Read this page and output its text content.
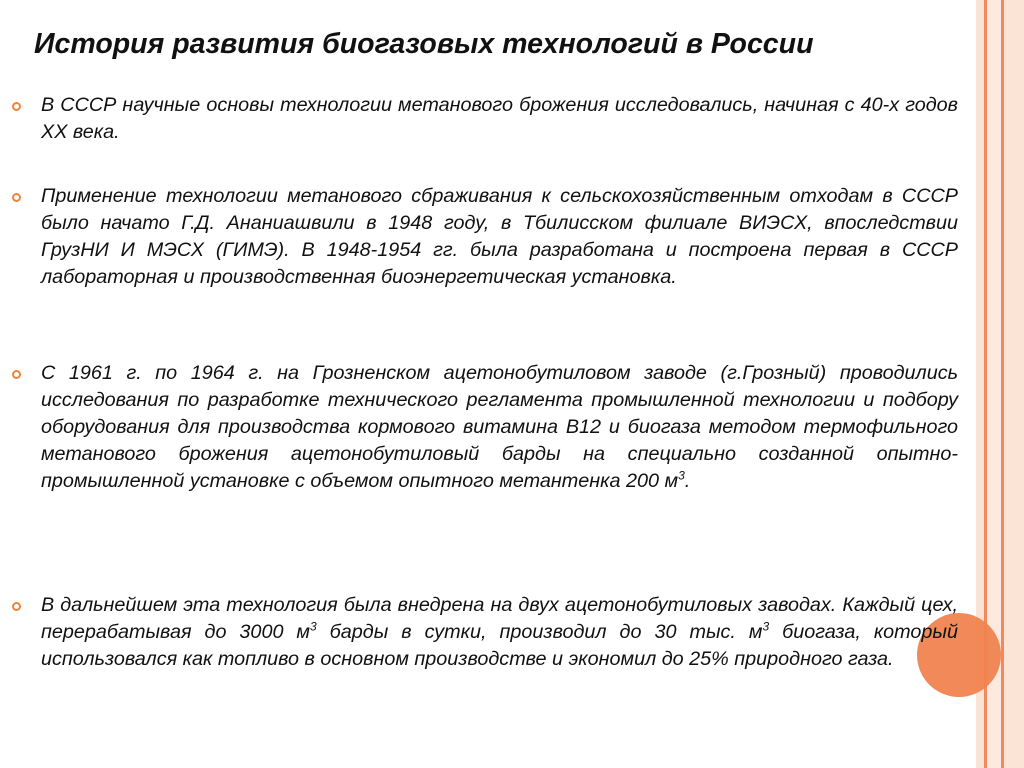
История развития биогазовых технологий в России
В СССР научные основы технологии метанового брожения исследовались, начиная с 40-х годов XX века.
Применение технологии метанового сбраживания к сельскохозяйственным отходам в СССР было начато Г.Д. Ананиашвили в 1948 году, в Тбилисском филиале ВИЭСХ, впоследствии ГрузНИ И МЭСХ (ГИМЭ). В 1948-1954 гг. была разработана и построена первая в СССР лабораторная и производственная биоэнергетическая установка.
С 1961 г. по 1964 г. на Грозненском ацетонобутиловом заводе (г.Грозный) проводились исследования по разработке технического регламента промышленной технологии и подбору оборудования для производства кормового витамина В12 и биогаза методом термофильного метанового брожения ацетонобутиловый барды на специально созданной опытно-промышленной установке с объемом опытного метантенка 200 $м^3$.
В дальнейшем эта технология была внедрена на двух ацетонобутиловых заводах. Каждый цех, перерабатывая до 3000 $м^3$ барды в сутки, производил до 30 тыс. $м^3$ биогаза, который использовался как топливо в основном производстве и экономил до 25% природного газа.
